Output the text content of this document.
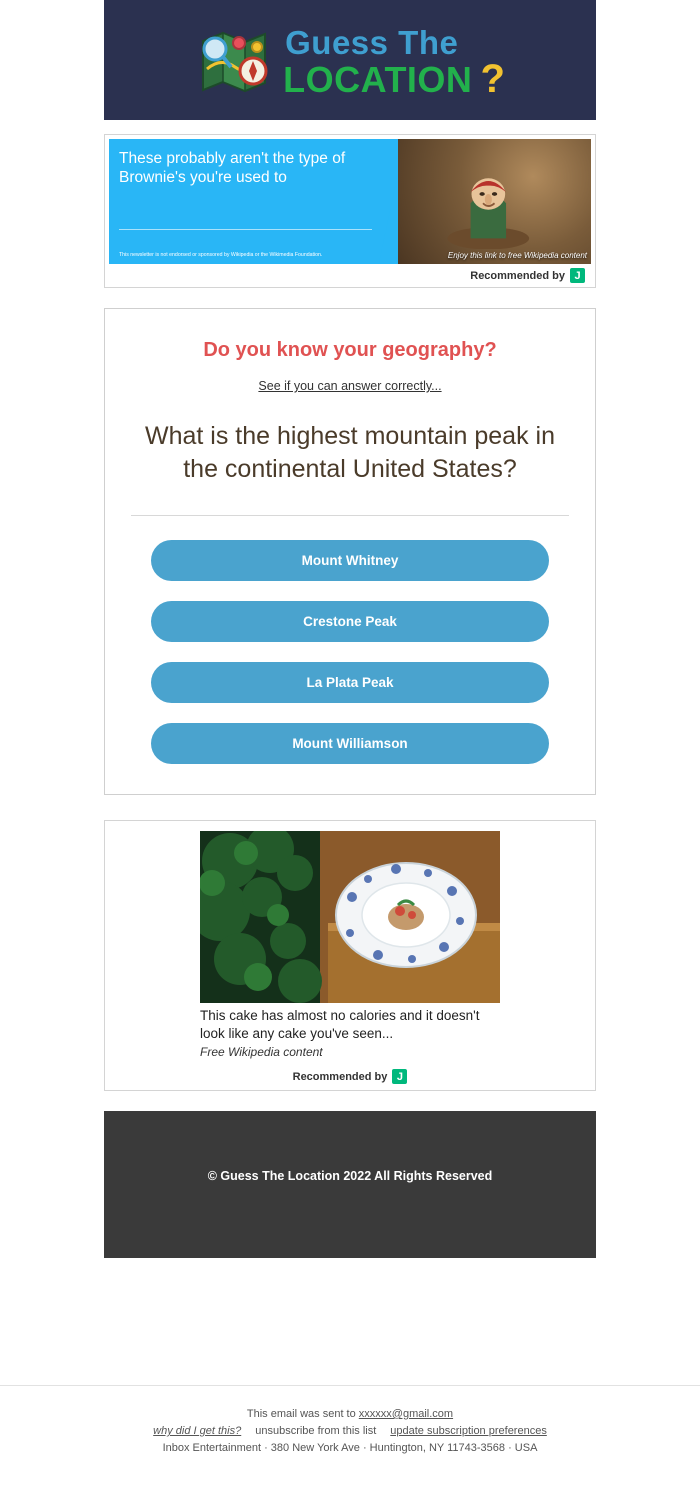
Guess The
LOCATION ?
These probably aren't the type of Brownie's you're used to
This newsletter is not endorsed or sponsored by Wikipedia or the Wikimedia Foundation.	Enjoy this link to free Wikipedia content
Recommended by J
Do you know your geography?
See if you can answer correctly...
What is the highest mountain peak in the continental United States?
Mount Whitney
Crestone Peak
La Plata Peak
Mount Williamson
This cake has almost no calories and it doesn't look like any cake you've seen...
Free Wikipedia content
Recommended by J
© Guess The Location 2022 All Rights Reserved
This email was sent to xxxxxx@gmail.com
why did I get this? unsubscribe from this list update subscription preferences
Inbox Entertainment · 380 New York Ave · Huntington, NY 11743-3568 · USA
